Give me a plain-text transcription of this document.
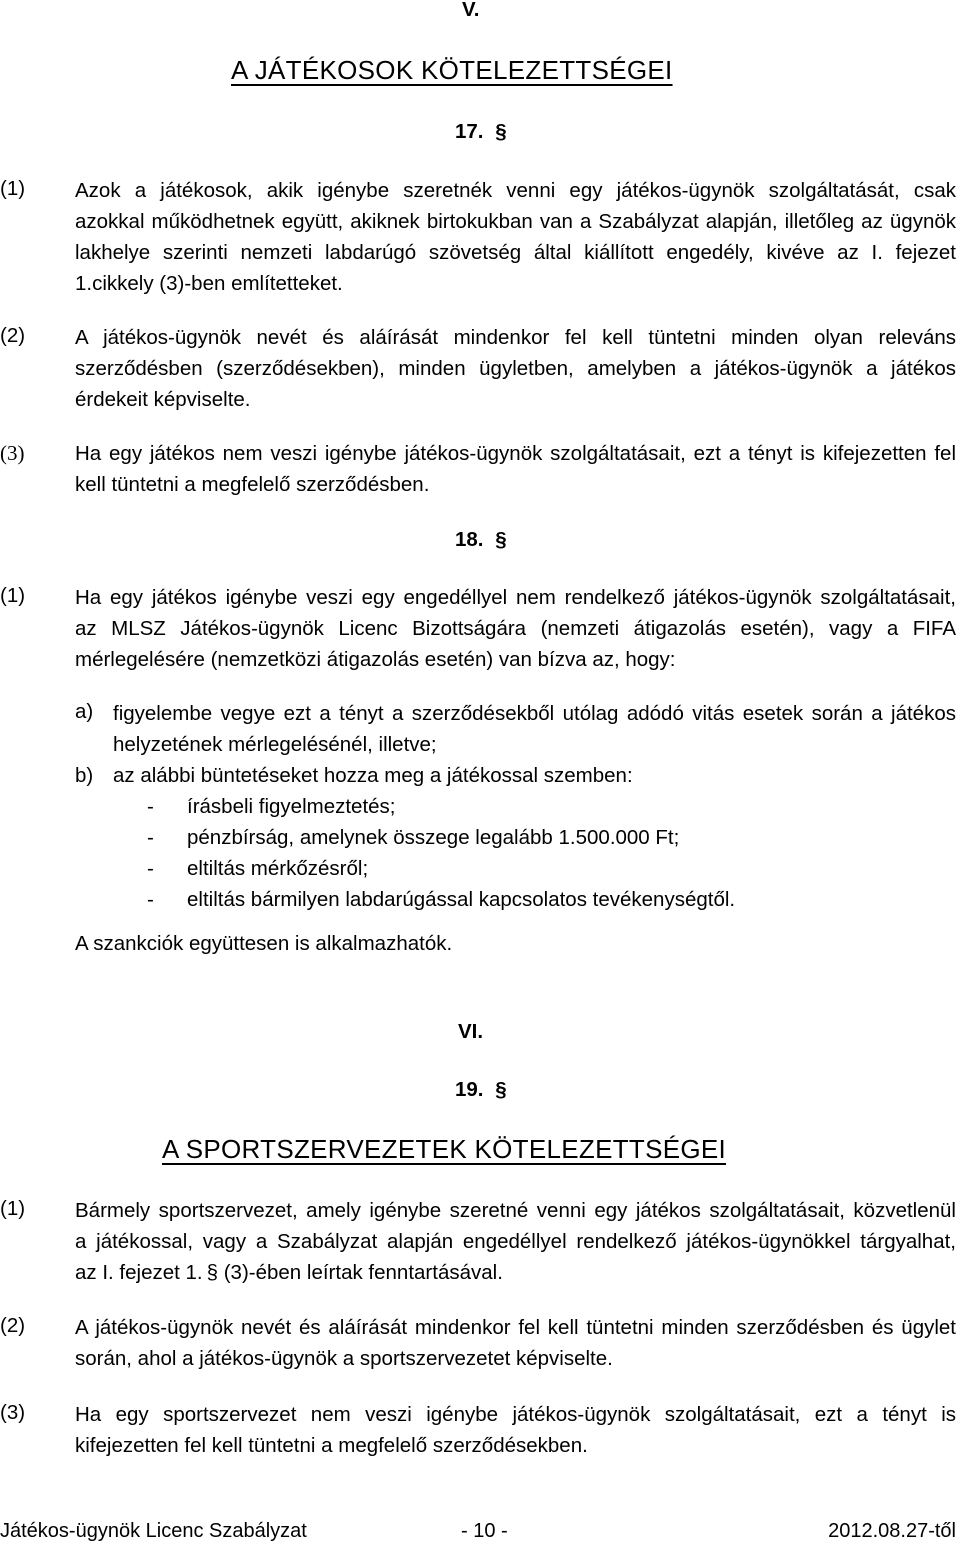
V.
A JÁTÉKOSOK KÖTELEZETTSÉGEI
17. §
(1) Azok a játékosok, akik igénybe szeretnék venni egy játékos-ügynök szolgáltatását, csak
azokkal működhetnek együtt, akiknek birtokukban van a Szabályzat alapján, illetőleg az ügynök
lakhelye szerinti nemzeti labdarúgó szövetség által kiállított engedély, kivéve az I. fejezet
1.cikkely (3)-ben említetteket.
(2) A játékos-ügynök nevét és aláírását mindenkor fel kell tüntetni minden olyan releváns
szerződésben (szerződésekben), minden ügyletben, amelyben a játékos-ügynök a játékos
érdekeit képviselte.
(3) Ha egy játékos nem veszi igénybe játékos-ügynök szolgáltatásait, ezt a tényt is kifejezetten fel
kell tüntetni a megfelelő szerződésben.
18. §
(1) Ha egy játékos igénybe veszi egy engedéllyel nem rendelkező játékos-ügynök szolgáltatásait,
az MLSZ Játékos-ügynök Licenc Bizottságára (nemzeti átigazolás esetén), vagy a FIFA
mérlegelésére (nemzetközi átigazolás esetén) van bízva az, hogy:
a) figyelembe vegye ezt a tényt a szerződésekből utólag adódó vitás esetek során a játékos
helyzetének mérlegelésénél, illetve;
b) az alábbi büntetéseket hozza meg a játékossal szemben:
- írásbeli figyelmeztetés;
- pénzbírság, amelynek összege legalább 1.500.000 Ft;
- eltiltás mérkőzésről;
- eltiltás bármilyen labdarúgással kapcsolatos tevékenységtől.
A szankciók együttesen is alkalmazhatók.
VI.
19. §
A SPORTSZERVEZETEK KÖTELEZETTSÉGEI
(1) Bármely sportszervezet, amely igénybe szeretné venni egy játékos szolgáltatásait, közvetlenül
a játékossal, vagy a Szabályzat alapján engedéllyel rendelkező játékos-ügynökkel tárgyalhat,
az I. fejezet 1. § (3)-ében leírtak fenntartásával.
(2) A játékos-ügynök nevét és aláírását mindenkor fel kell tüntetni minden szerződésben és ügylet
során, ahol a játékos-ügynök a sportszervezetet képviselte.
(3) Ha egy sportszervezet nem veszi igénybe játékos-ügynök szolgáltatásait, ezt a tényt is
kifejezetten fel kell tüntetni a megfelelő szerződésekben.
Játékos-ügynök Licenc Szabályzat	- 10 -	2012.08.27-től
